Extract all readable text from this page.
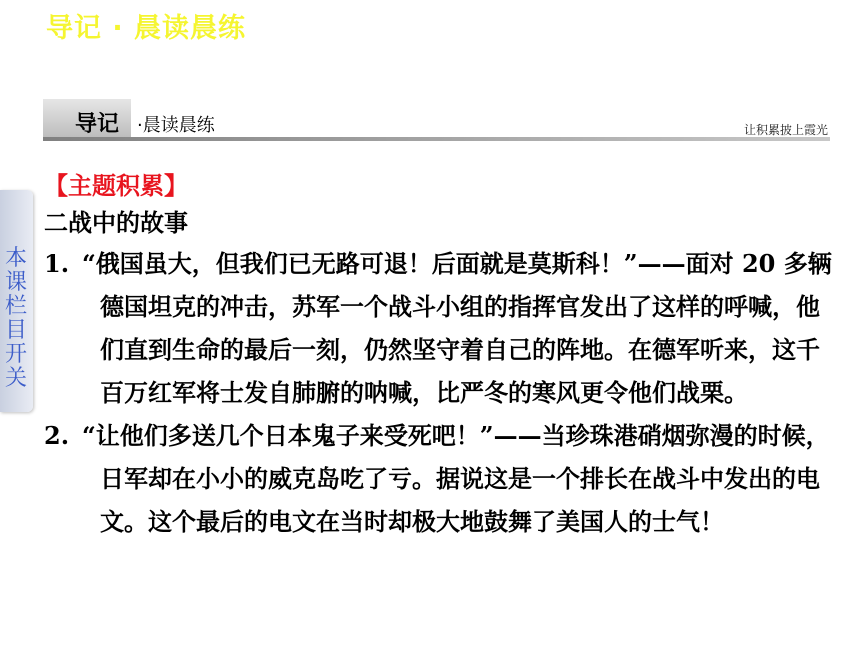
导记 · 晨读晨练
导记 ·晨读晨练	让积累披上霞光
本课栏目开关
【主题积累】
二战中的故事
1. “俄国虽大，但我们已无路可退！后面就是莫斯科！”——面对 20 多辆德国坦克的冲击，苏军一个战斗小组的指挥官发出了这样的呼喊，他们直到生命的最后一刻，仍然坚守着自己的阵地。在德军听来，这千百万红军将士发自肺腑的呐喊，比严冬的寒风更令他们战栗。
2. “让他们多送几个日本鬼子来受死吧！”——当珍珠港硝烟弥漫的时候，日军却在小小的威克岛吃了亏。据说这是一个排长在战斗中发出的电文。这个最后的电文在当时却极大地鼓舞了美国人的士气！
